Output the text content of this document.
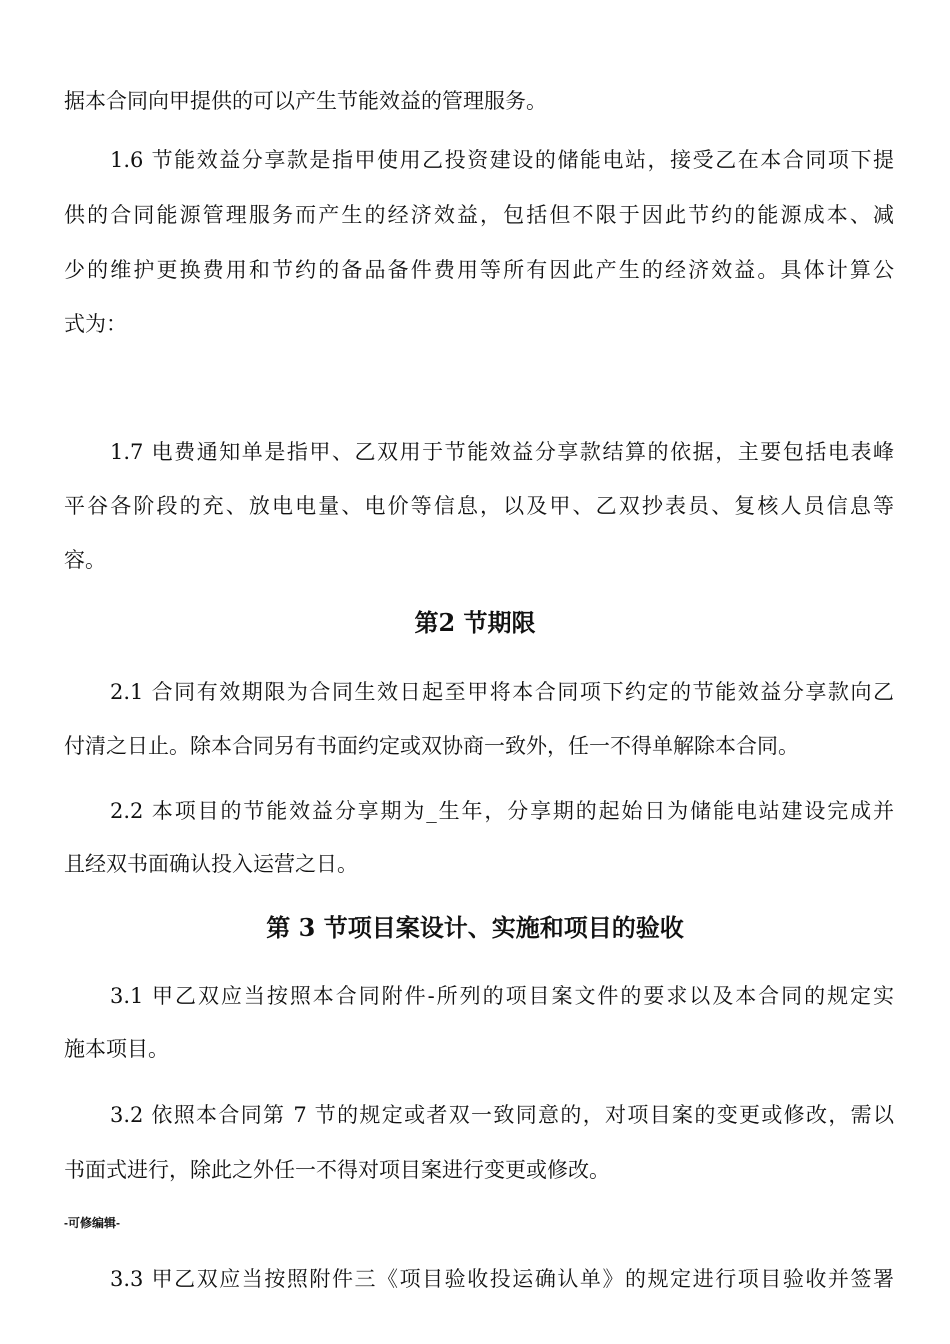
据本合同向甲提供的可以产生节能效益的管理服务。
1.6 节能效益分享款是指甲使用乙投资建设的储能电站，接受乙在本合同项下提
供的合同能源管理服务而产生的经济效益，包括但不限于因此节约的能源成本、减
少的维护更换费用和节约的备品备件费用等所有因此产生的经济效益。具体计算公
式为：
1.7 电费通知单是指甲、乙双用于节能效益分享款结算的依据，主要包括电表峰
平谷各阶段的充、放电电量、电价等信息，以及甲、乙双抄表员、复核人员信息等
容。
第2 节期限
2.1 合同有效期限为合同生效日起至甲将本合同项下约定的节能效益分享款向乙
付清之日止。除本合同另有书面约定或双协商一致外，任一不得单解除本合同。
2.2 本项目的节能效益分享期为_生年，分享期的起始日为储能电站建设完成并
且经双书面确认投入运营之日。
第 3 节项目案设计、实施和项目的验收
3.1 甲乙双应当按照本合同附件-所列的项目案文件的要求以及本合同的规定实
施本项目。
3.2 依照本合同第 7 节的规定或者双一致同意的，对项目案的变更或修改，需以
书面式进行，除此之外任一不得对项目案进行变更或修改。
-可修编辑-
3.3 甲乙双应当按照附件三《项目验收投运确认单》的规定进行项目验收并签署
